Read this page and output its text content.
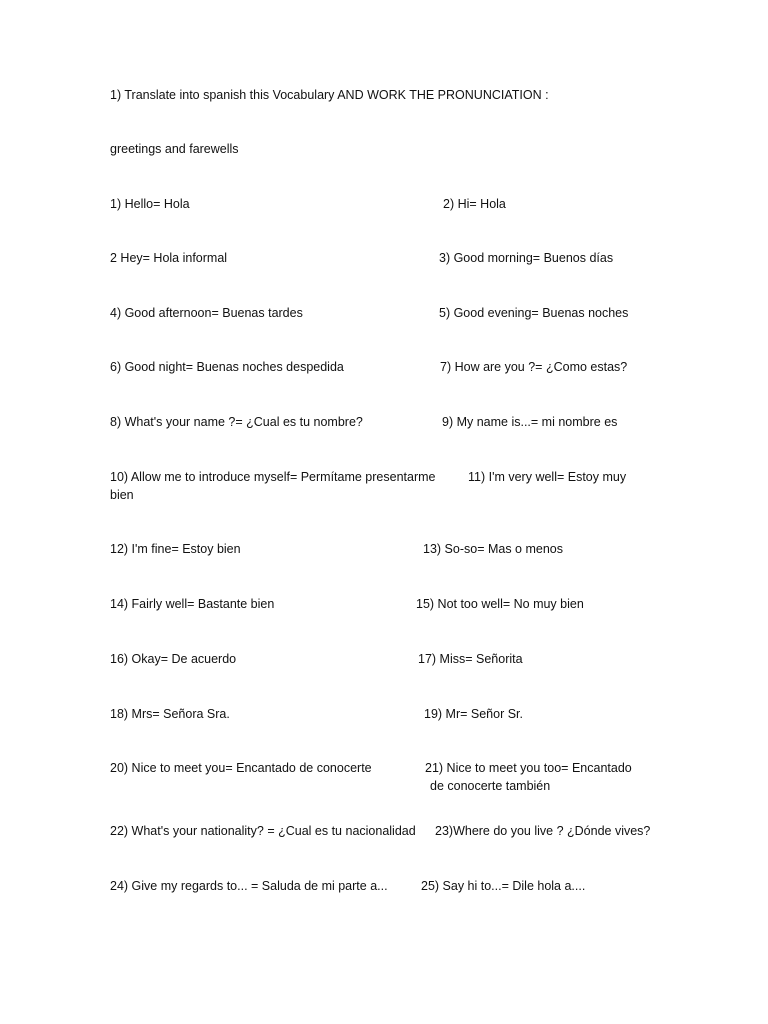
1) Translate into spanish this Vocabulary AND WORK THE PRONUNCIATION :
greetings and farewells
1) Hello= Hola	2) Hi= Hola
2 Hey= Hola informal	3) Good morning= Buenos días
4) Good afternoon= Buenas tardes	5) Good evening= Buenas noches
6) Good night= Buenas noches despedida	7) How are you ?= ¿Como estas?
8) What's your name ?= ¿Cual es tu nombre?	9) My name is...= mi nombre es
10) Allow me to introduce myself= Permítame presentarme	11) I'm very well= Estoy muy
bien
12) I'm fine= Estoy bien	13) So-so= Mas o menos
14) Fairly well= Bastante bien	15) Not too well= No muy bien
16) Okay= De acuerdo	17) Miss= Señorita
18) Mrs= Señora Sra.	19) Mr= Señor Sr.
20) Nice to meet you= Encantado de conocerte	21) Nice to meet you too= Encantado
de conocerte también
22) What's your nationality? = ¿Cual es tu nacionalidad 23)Where do you live ? ¿Dónde vives?
24) Give my regards to... = Saluda de mi parte a...	25) Say hi to...= Dile hola a....
